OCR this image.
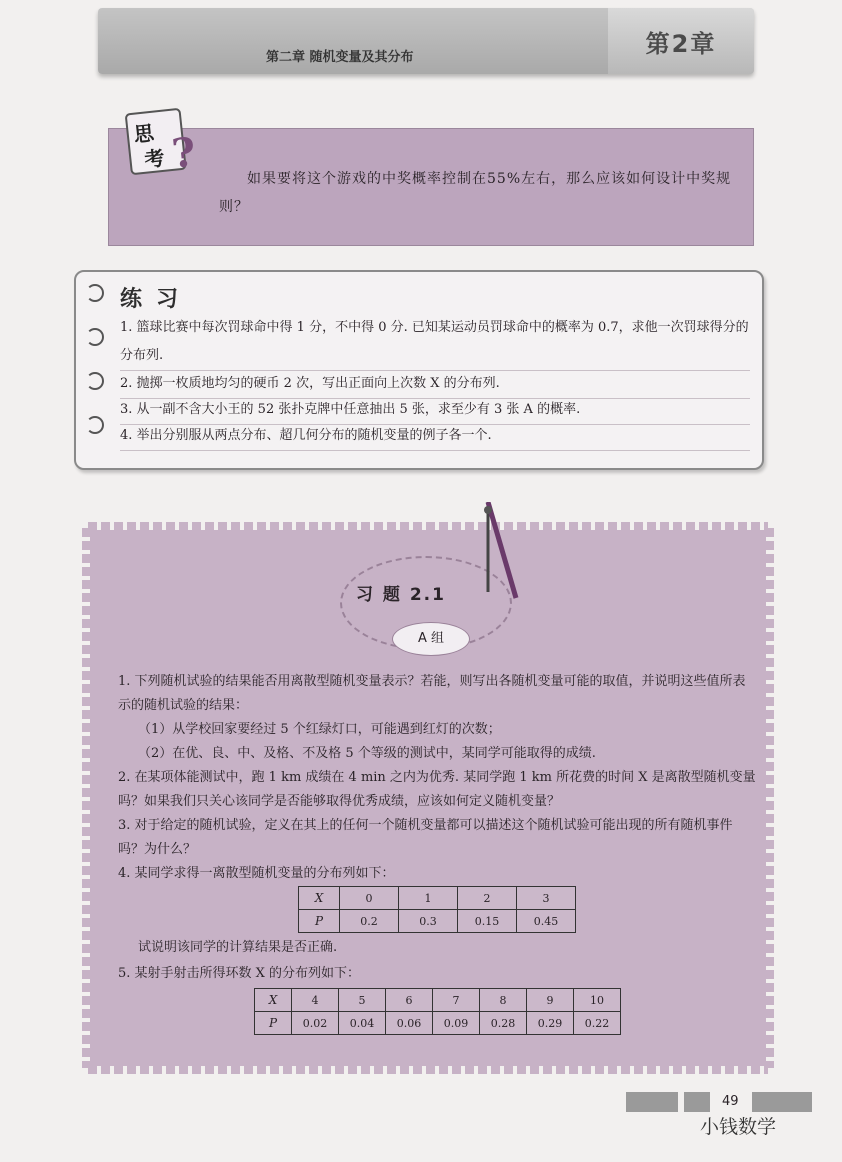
第二章 随机变量及其分布	第2章
思
考 ?
如果要将这个游戏的中奖概率控制在55%左右，那么应该如何设计中奖规则？
练习
1. 篮球比赛中每次罚球命中得 1 分，不中得 0 分. 已知某运动员罚球命中的概率为 0.7，求他一次罚球得分的分布列.
2. 抛掷一枚质地均匀的硬币 2 次，写出正面向上次数 X 的分布列.
3. 从一副不含大小王的 52 张扑克牌中任意抽出 5 张，求至少有 3 张 A 的概率.
4. 举出分别服从两点分布、超几何分布的随机变量的例子各一个.
习 题 2.1
A 组
1. 下列随机试验的结果能否用离散型随机变量表示？若能，则写出各随机变量可能的取值，并说明这些值所表示的随机试验的结果：
（1）从学校回家要经过 5 个红绿灯口，可能遇到红灯的次数；
（2）在优、良、中、及格、不及格 5 个等级的测试中，某同学可能取得的成绩.
2. 在某项体能测试中，跑 1 km 成绩在 4 min 之内为优秀. 某同学跑 1 km 所花费的时间 X 是离散型随机变量吗？如果我们只关心该同学是否能够取得优秀成绩，应该如何定义随机变量？
3. 对于给定的随机试验，定义在其上的任何一个随机变量都可以描述这个随机试验可能出现的所有随机事件吗？为什么？
4. 某同学求得一离散型随机变量的分布列如下：
X	0	1	2	3
P	0.2	0.3	0.15	0.45
试说明该同学的计算结果是否正确.
5. 某射手射击所得环数 X 的分布列如下：
X	4	5	6	7	8	9	10
P	0.02	0.04	0.06	0.09	0.28	0.29	0.22
49
小钱数学
